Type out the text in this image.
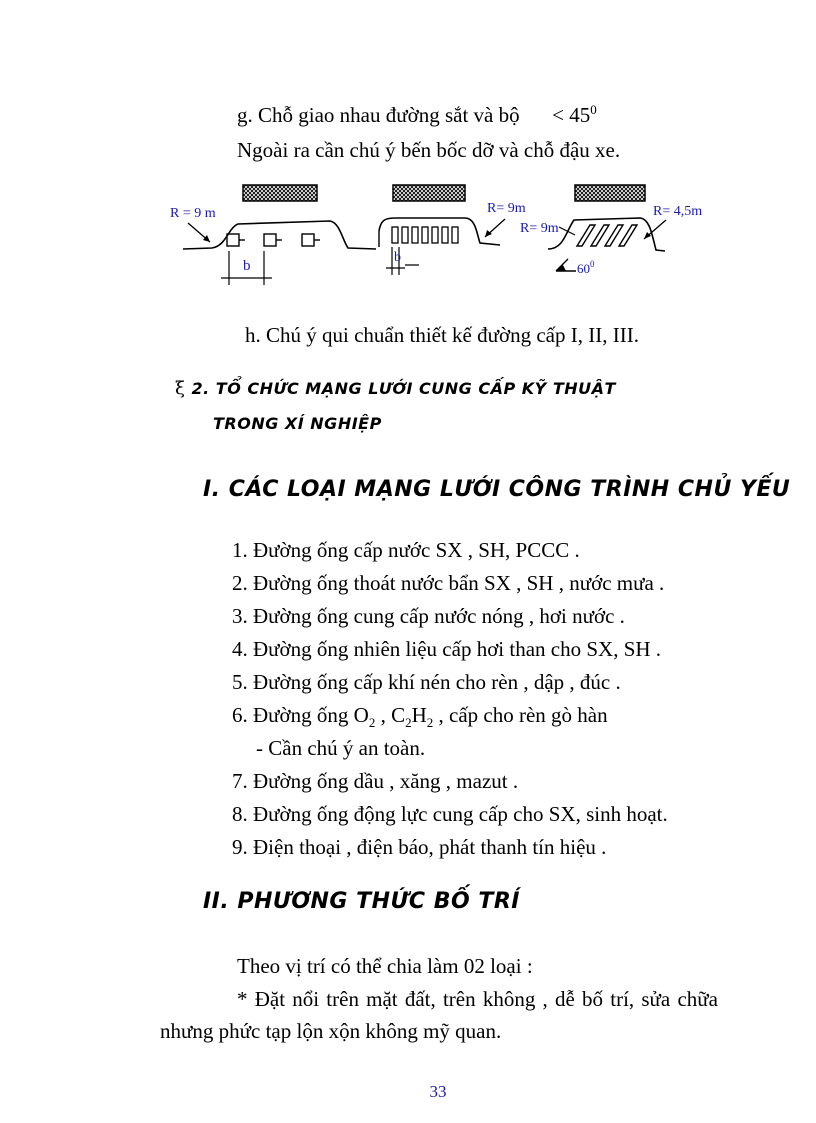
g. Chỗ giao nhau đường sắt và bộ < $45^0$
Ngoài ra cần chú ý bến bốc dỡ và chỗ đậu xe.
R = 9 m
b
R= 9m
b
R= 4,5m
R= 9m
$60^0$
h. Chú ý qui chuẩn thiết kế đường cấp I, II, III.
ξ 2. TỔ CHỨC MẠNG LƯỚI CUNG CẤP KỸ THUẬT
TRONG XÍ NGHIỆP
I. CÁC LOẠI MẠNG LƯỚI CÔNG TRÌNH CHỦ YẾU
1. Đường ống cấp nước SX , SH, PCCC .
2. Đường ống thoát nước bẩn SX , SH , nước mưa .
3. Đường ống cung cấp nước nóng , hơi nước .
4. Đường ống nhiên liệu cấp hơi than cho SX, SH .
5. Đường ống cấp khí nén cho rèn , dập , đúc .
6. Đường ống $O_2$ , $C_2H_2$ , cấp cho rèn gò hàn
- Cần chú ý an toàn.
7. Đường ống dầu , xăng , mazut .
8. Đường ống động lực cung cấp cho SX, sinh hoạt.
9. Điện thoại , điện báo, phát thanh tín hiệu .
II. PHƯƠNG THỨC BỐ TRÍ
Theo vị trí có thể chia làm 02 loại :
* Đặt nổi trên mặt đất, trên không , dễ bố trí, sửa chữa nhưng phức tạp lộn xộn không mỹ quan.
33
